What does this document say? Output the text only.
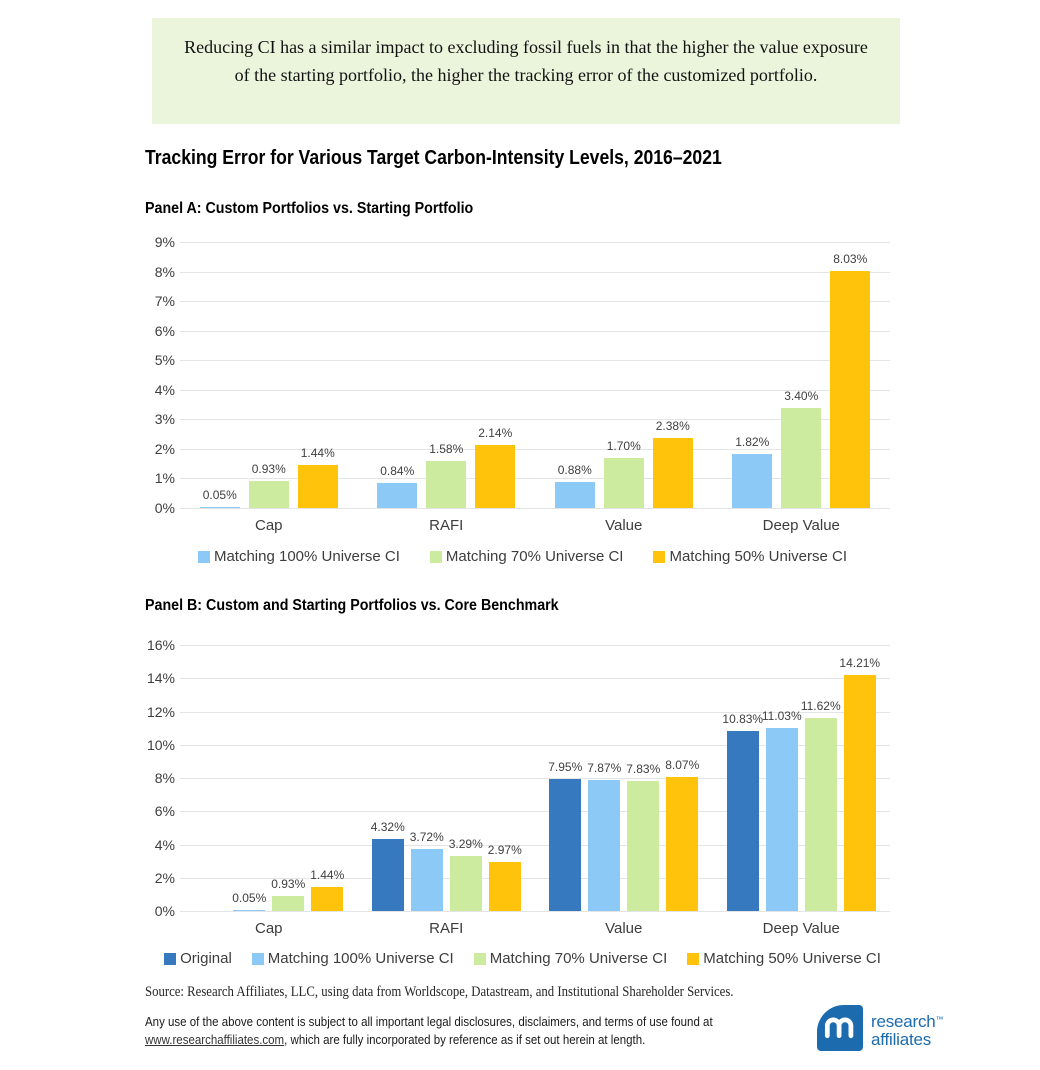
Reducing CI has a similar impact to excluding fossil fuels in that the higher the value exposure of the starting portfolio, the higher the tracking error of the customized portfolio.

Tracking Error for Various Target Carbon-Intensity Levels, 2016–2021
Panel A: Custom Portfolios vs. Starting Portfolio
0%
1%
2%
3%
4%
5%
6%
7%
8%
9%
0.05%
0.93%
1.44%
0.84%
1.58%
2.14%
0.88%
1.70%
2.38%
1.82%
3.40%
8.03%
Cap	RAFI	Value	Deep Value
Matching 100% Universe CI	Matching 70% Universe CI	Matching 50% Universe CI
Panel B: Custom and Starting Portfolios vs. Core Benchmark
0%
2%
4%
6%
8%
10%
12%
14%
16%
0.05%
0.93%
1.44%
4.32%
3.72%
3.29% 2.97%
7.95% 7.87% 7.83% 8.07%
10.83%
11.03%
11.62%
14.21%
Cap	RAFI	Value	Deep Value
Original Matching 100% Universe CI Matching 70% Universe CI Matching 50% Universe CI

Source: Research Affiliates, LLC, using data from Worldscope, Datastream, and Institutional Shareholder Services.

Any use of the above content is subject to all important legal disclosures, disclaimers, and terms of use found at www.researchaffiliates.com, which are fully incorporated by reference as if set out herein at length.
research™
affiliates
